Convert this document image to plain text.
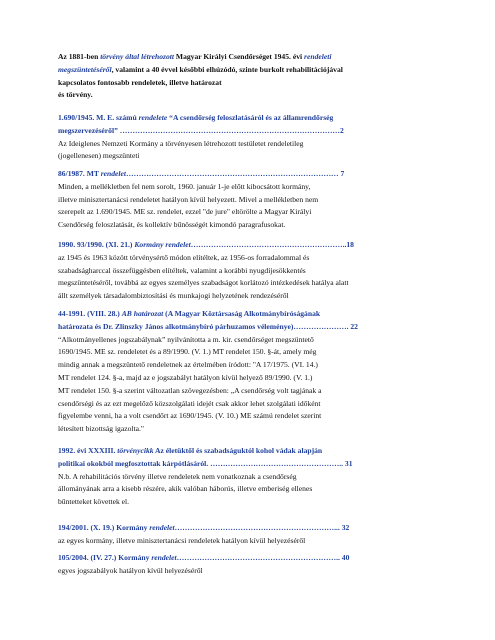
Az 1881-ben törvény által létrehozott Magyar Királyi Csendőrséget 1945. évi rendeleti
megszüntetéséről, valamint a 40 évvel későbbi elhúzódó, szinte burkolt rehabilitációjával
kapcsolatos fontosabb rendeletek, illetve határozat
és törvény.
1.690/1945. M. E. számú rendelete “A csendőrség feloszlatásáról és az államrendőrség
megszervezéséről” ……………………………………………………………………………2
Az Ideiglenes Nemzeti Kormány a törvényesen létrehozott testületet rendeletileg
(jogellenesen) megszünteti
86/1987. MT rendelet………………………………………………………………………… 7
Minden, a mellékletben fel nem sorolt, 1960. január 1-je előtt kibocsátott kormány,
illetve minisztertanácsi rendeletet hatályon kívül helyezett. Mivel a mellékletben nem
szerepelt az 1.690/1945. ME sz. rendelet, ezzel "de jure" eltörölte a Magyar Királyi
Csendőrség feloszlatását, és kollektív bűnösségét kimondó paragrafusokat.
1990. 93/1990. (XI. 21.) Kormány rendelet……………………………………………………..18
az 1945 és 1963 között törvénysértő módon elítéltek, az 1956-os forradalommal és
szabadságharccal összefüggésben elítéltek, valamint a korábbi nyugdíjesökkentés
megszüntetéséről, továbbá az egyes személyes szabadságot korlátozó intézkedések hatálya alatt
állt személyek társadalombiztosítási és munkajogi helyzetének rendezéséről
44-1991. (VIII. 28.) AB határozat (A Magyar Köztársaság Alkotmánybíróságának
határozata és Dr. Zlinszky János alkotmánybíró párhuzamos véleménye)…………………. 22
“Alkotmányellenes jogszabálynak” nyilvánította a m. kir. csendőrséget megszüntető
1690/1945. ME sz. rendeletet és a 89/1990. (V. 1.) MT rendelet 150. §-át, amely még
mindig annak a megszüntető rendeletnek az értelmében íródott: "A 17/1975. (VI. 14.)
MT rendelet 124. §-a, majd az e jogszabályt hatályon kívül helyező 89/1990. (V. 1.)
MT rendelet 150. §-a szerint változatlan szövegezésben: „A csendőrség volt tagjának a
csendőrségi és az ezt megelőző közszolgálati idejét csak akkor lehet szolgálati időként
figyelembe venni, ha a volt csendőrt az 1690/1945. (V. 10.) ME számú rendelet szerint
létesített bizottság igazolta."
1992. évi XXXIII. törvénycikk Az életüktől és szabadságuktól kohol vádak alapján
politikai okokból megfosztottak kárpótlásáról. …………………………………………….. 31
N.b. A rehabilitációs törvény illetve rendeletek nem vonatkoznak a csendőrség
állományának arra a kisebb részére, akik valóban háborús, illetve emberiség ellenes
bűntetteket követtek el.
194/2001. (X. 19.) Kormány rendelet………………………………………………………... 32
az egyes kormány, illetve minisztertanácsi rendeletek hatályon kívül helyezéséről
105/2004. (IV. 27.) Kormány rendelet……………………………………………………….. 40
egyes jogszabályok hatályon kívül helyezéséről
